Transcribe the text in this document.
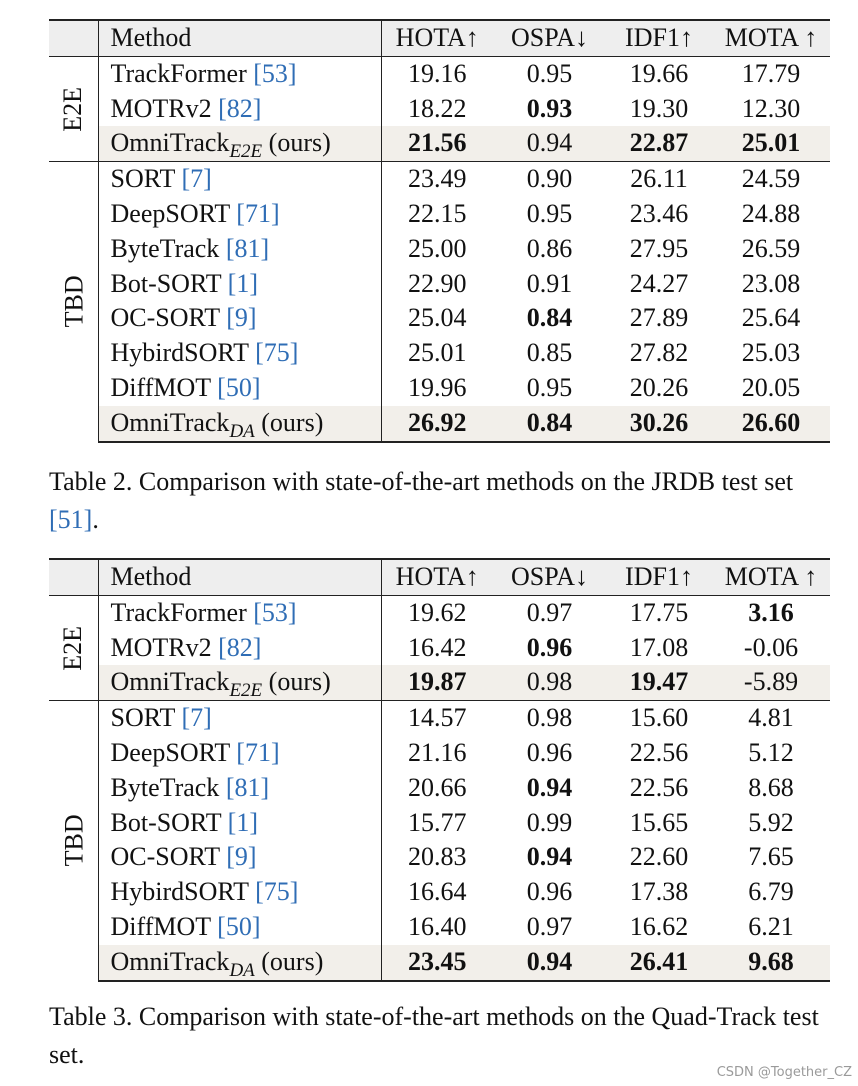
	Method	HOTA↑	OSPA↓	IDF1↑	MOTA ↑
E2E	TrackFormer [53]	19.16	0.95	19.66	17.79
	MOTRv2 [82]	18.22	0.93	19.30	12.30
	OmniTrack$_{E2E}$ (ours)	21.56	0.94	22.87	25.01
TBD	SORT [7]	23.49	0.90	26.11	24.59
	DeepSORT [71]	22.15	0.95	23.46	24.88
	ByteTrack [81]	25.00	0.86	27.95	26.59
	Bot-SORT [1]	22.90	0.91	24.27	23.08
	OC-SORT [9]	25.04	0.84	27.89	25.64
	HybirdSORT [75]	25.01	0.85	27.82	25.03
	DiffMOT [50]	19.96	0.95	20.26	20.05
	OmniTrack$_{DA}$ (ours)	26.92	0.84	30.26	26.60
Table 2. Comparison with state-of-the-art methods on the JRDB test set [51].
	Method	HOTA↑	OSPA↓	IDF1↑	MOTA ↑
E2E	TrackFormer [53]	19.62	0.97	17.75	3.16
	MOTRv2 [82]	16.42	0.96	17.08	-0.06
	OmniTrack$_{E2E}$ (ours)	19.87	0.98	19.47	-5.89
TBD	SORT [7]	14.57	0.98	15.60	4.81
	DeepSORT [71]	21.16	0.96	22.56	5.12
	ByteTrack [81]	20.66	0.94	22.56	8.68
	Bot-SORT [1]	15.77	0.99	15.65	5.92
	OC-SORT [9]	20.83	0.94	22.60	7.65
	HybirdSORT [75]	16.64	0.96	17.38	6.79
	DiffMOT [50]	16.40	0.97	16.62	6.21
	OmniTrack$_{DA}$ (ours)	23.45	0.94	26.41	9.68
Table 3. Comparison with state-of-the-art methods on the Quad-Track test set.
CSDN @Together_CZ
